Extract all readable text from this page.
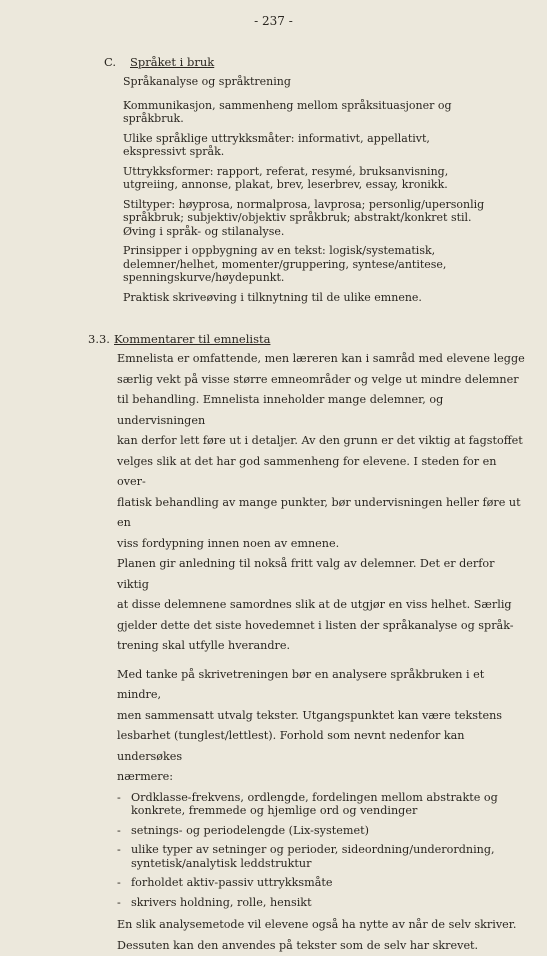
- 237 -
C. Språket i bruk
Språkanalyse og språktrening
Kommunikasjon, sammenheng mellom språksituasjoner og
språkbruk.
Ulike språklige uttrykksmåter: informativt, appellativt,
ekspressivt språk.
Uttrykksformer: rapport, referat, resymé, bruksanvisning,
utgreiing, annonse, plakat, brev, leserbrev, essay, kronikk.
Stiltyper: høyprosa, normalprosa, lavprosa; personlig/upersonlig
språkbruk; subjektiv/objektiv språkbruk; abstrakt/konkret stil.
Øving i språk- og stilanalyse.
Prinsipper i oppbygning av en tekst: logisk/systematisk,
delemner/helhet, momenter/gruppering, syntese/antitese,
spenningskurve/høydepunkt.
Praktisk skriveøving i tilknytning til de ulike emnene.
3.3. Kommentarer til emnelista
Emnelista er omfattende, men læreren kan i samråd med elevene legge
særlig vekt på visse større emneområder og velge ut mindre delemner
til behandling. Emnelista inneholder mange delemner, og undervisningen
kan derfor lett føre ut i detaljer. Av den grunn er det viktig at fagstoffet
velges slik at det har god sammenheng for elevene. I steden for en over-
flatisk behandling av mange punkter, bør undervisningen heller føre ut en
viss fordypning innen noen av emnene.
Planen gir anledning til nokså fritt valg av delemner. Det er derfor viktig
at disse delemnene samordnes slik at de utgjør en viss helhet. Særlig
gjelder dette det siste hovedemnet i listen der språkanalyse og språk-
trening skal utfylle hverandre.
Med tanke på skrivetreningen bør en analysere språkbruken i et mindre,
men sammensatt utvalg tekster. Utgangspunktet kan være tekstens
lesbarhet (tunglest/lettlest). Forhold som nevnt nedenfor kan undersøkes
nærmere:
- Ordklasse-frekvens, ordlengde, fordelingen mellom abstrakte og
konkrete, fremmede og hjemlige ord og vendinger
- setnings- og periodelengde (Lix-systemet)
- ulike typer av setninger og perioder, sideordning/underordning,
syntetisk/analytisk leddstruktur
- forholdet aktiv-passiv uttrykksmåte
- skrivers holdning, rolle, hensikt
En slik analysemetode vil elevene også ha nytte av når de selv skriver.
Dessuten kan den anvendes på tekster som de selv har skrevet.
